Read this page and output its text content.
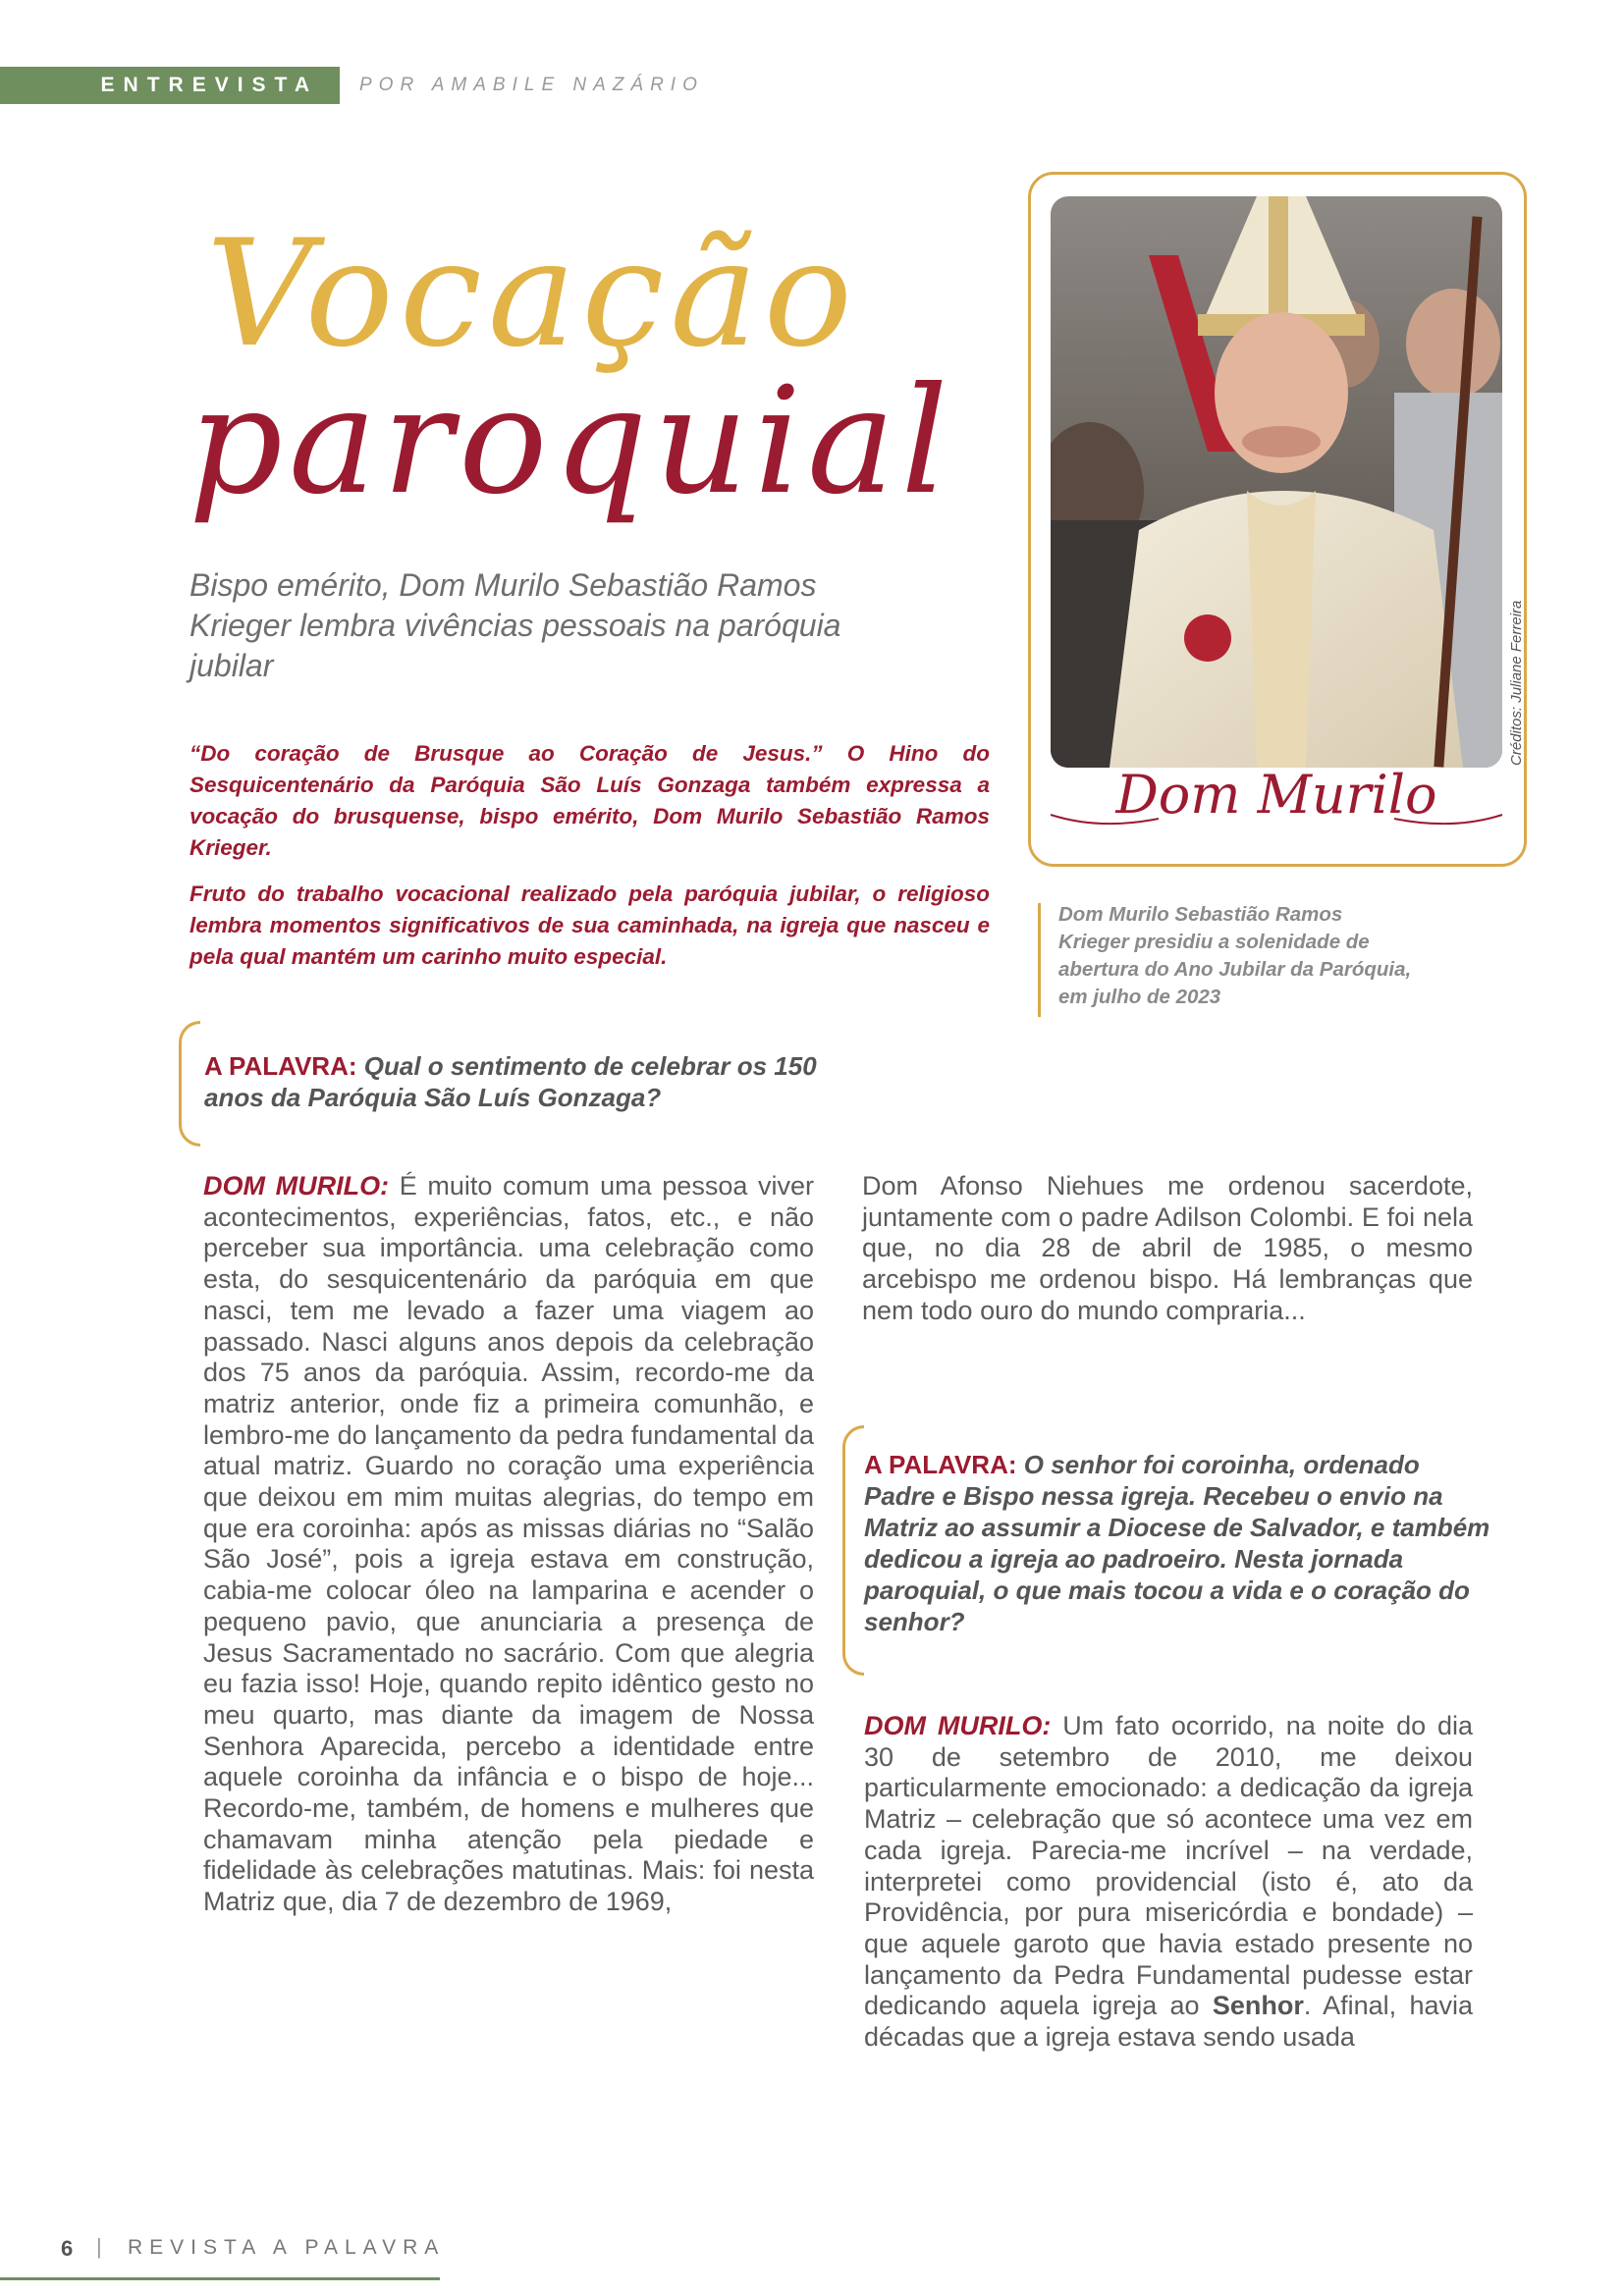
ENTREVISTA	POR AMABILE NAZÁRIO
Vocação
paroquial
Bispo emérito, Dom Murilo Sebastião Ramos Krieger lembra vivências pessoais na paróquia jubilar

“Do coração de Brusque ao Coração de Jesus.” O Hino do Sesquicentenário da Paróquia São Luís Gonzaga também expressa a vocação do brusquense, bispo emérito, Dom Murilo Sebastião Ramos Krieger.

Fruto do trabalho vocacional realizado pela paróquia jubilar, o religioso lembra momentos significativos de sua caminhada, na igreja que nasceu e pela qual mantém um carinho muito especial.

Dom Murilo
Créditos: Juliane Ferreira
Dom Murilo Sebastião Ramos Krieger presidiu a solenidade de abertura do Ano Jubilar da Paróquia, em julho de 2023
A PALAVRA: Qual o sentimento de celebrar os 150 anos da Paróquia São Luís Gonzaga?

DOM MURILO: É muito comum uma pessoa viver acontecimentos, experiências, fatos, etc., e não perceber sua importância. uma celebração como esta, do sesquicentenário da paróquia em que nasci, tem me levado a fazer uma viagem ao passado. Nasci alguns anos depois da celebração dos 75 anos da paróquia. Assim, recordo-me da matriz anterior, onde fiz a primeira comunhão, e lembro-me do lançamento da pedra fundamental da atual matriz. Guardo no coração uma experiência que deixou em mim muitas alegrias, do tempo em que era coroinha: após as missas diárias no “Salão São José”, pois a igreja estava em construção, cabia-me colocar óleo na lamparina e acender o pequeno pavio, que anunciaria a presença de Jesus Sacramentado no sacrário. Com que alegria eu fazia isso! Hoje, quando repito idêntico gesto no meu quarto, mas diante da imagem de Nossa Senhora Aparecida, percebo a identidade entre aquele coroinha da infância e o bispo de hoje... Recordo-me, também, de homens e mulheres que chamavam minha atenção pela piedade e fidelidade às celebrações matutinas. Mais: foi nesta Matriz que, dia 7 de dezembro de 1969,

Dom Afonso Niehues me ordenou sacerdote, juntamente com o padre Adilson Colombi. E foi nela que, no dia 28 de abril de 1985, o mesmo arcebispo me ordenou bispo. Há lembranças que nem todo ouro do mundo compraria...

A PALAVRA: O senhor foi coroinha, ordenado Padre e Bispo nessa igreja. Recebeu o envio na Matriz ao assumir a Diocese de Salvador, e também dedicou a igreja ao padroeiro. Nesta jornada paroquial, o que mais tocou a vida e o coração do senhor?

DOM MURILO: Um fato ocorrido, na noite do dia 30 de setembro de 2010, me deixou particularmente emocionado: a dedicação da igreja Matriz – celebração que só acontece uma vez em cada igreja. Parecia-me incrível – na verdade, interpretei como providencial (isto é, ato da Providência, por pura misericórdia e bondade) – que aquele garoto que havia estado presente no lançamento da Pedra Fundamental pudesse estar dedicando aquela igreja ao Senhor. Afinal, havia décadas que a igreja estava sendo usada

6 | REVISTA A PALAVRA
